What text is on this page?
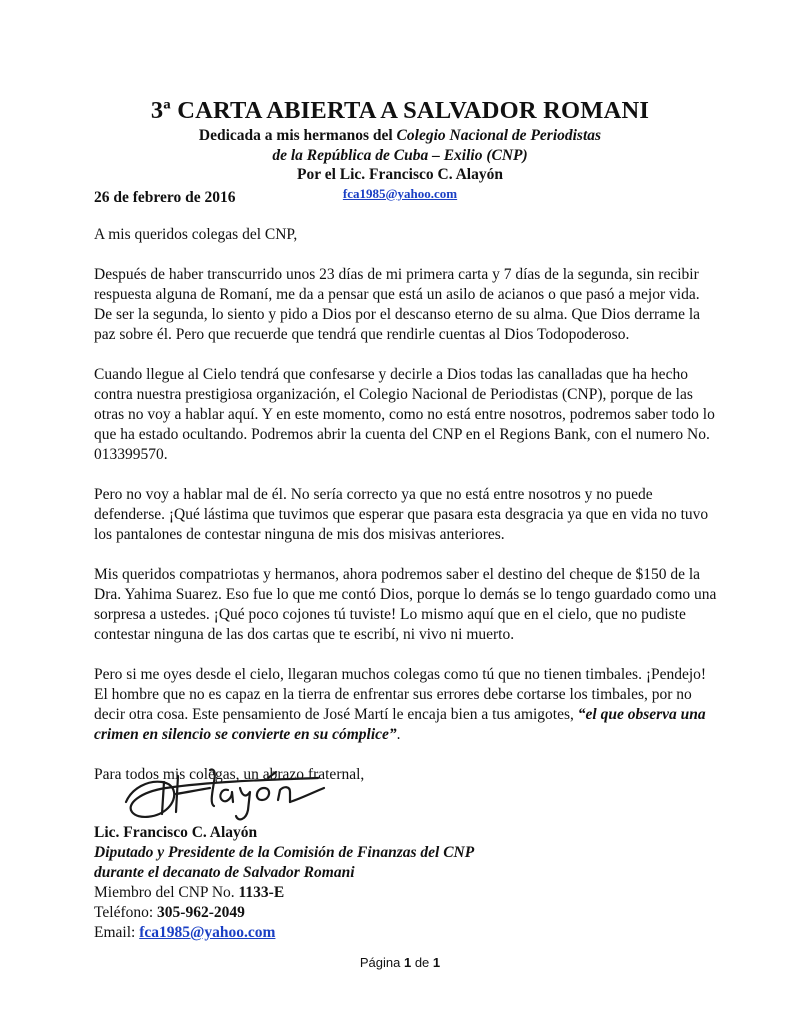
3ª CARTA ABIERTA A SALVADOR ROMANI
Dedicada a mis hermanos del Colegio Nacional de Periodistas
de la República de Cuba – Exilio (CNP)
Por el Lic. Francisco C. Alayón
fca1985@yahoo.com
26 de febrero de 2016

A mis queridos colegas del CNP,

Después de haber transcurrido unos 23 días de mi primera carta y 7 días de la segunda, sin recibir respuesta alguna de Romaní, me da a pensar que está un asilo de acianos o que pasó a mejor vida. De ser la segunda, lo siento y pido a Dios por el descanso eterno de su alma. Que Dios derrame la paz sobre él. Pero que recuerde que tendrá que rendirle cuentas al Dios Todopoderoso.

Cuando llegue al Cielo tendrá que confesarse y decirle a Dios todas las canalladas que ha hecho contra nuestra prestigiosa organización, el Colegio Nacional de Periodistas (CNP), porque de las otras no voy a hablar aquí. Y en este momento, como no está entre nosotros, podremos saber todo lo que ha estado ocultando. Podremos abrir la cuenta del CNP en el Regions Bank, con el numero No. 013399570.

Pero no voy a hablar mal de él. No sería correcto ya que no está entre nosotros y no puede defenderse. ¡Qué lástima que tuvimos que esperar que pasara esta desgracia ya que en vida no tuvo los pantalones de contestar ninguna de mis dos misivas anteriores.

Mis queridos compatriotas y hermanos, ahora podremos saber el destino del cheque de $150 de la Dra. Yahima Suarez. Eso fue lo que me contó Dios, porque lo demás se lo tengo guardado como una sorpresa a ustedes. ¡Qué poco cojones tú tuviste! Lo mismo aquí que en el cielo, que no pudiste contestar ninguna de las dos cartas que te escribí, ni vivo ni muerto.

Pero si me oyes desde el cielo, llegaran muchos colegas como tú que no tienen timbales. ¡Pendejo! El hombre que no es capaz en la tierra de enfrentar sus errores debe cortarse los timbales, por no decir otra cosa. Este pensamiento de José Martí le encaja bien a tus amigotes, “el que observa una crimen en silencio se convierte en su cómplice”.

Para todos mis colegas, un abrazo fraternal,

Lic. Francisco C. Alayón
Diputado y Presidente de la Comisión de Finanzas del CNP
durante el decanato de Salvador Romani
Miembro del CNP No. 1133-E
Teléfono: 305-962-2049
Email: fca1985@yahoo.com
Página 1 de 1
